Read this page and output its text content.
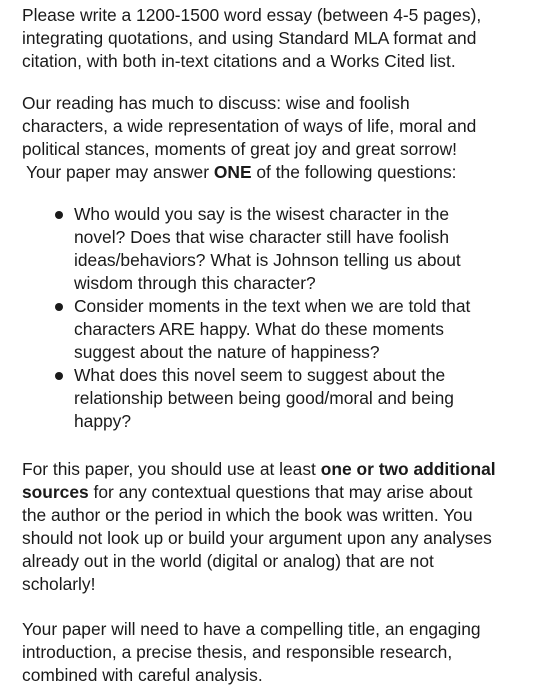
Please write a 1200-1500 word essay (between 4-5 pages),
integrating quotations, and using Standard MLA format and
citation, with both in-text citations and a Works Cited list.
Our reading has much to discuss: wise and foolish
characters, a wide representation of ways of life, moral and
political stances, moments of great joy and great sorrow!
Your paper may answer ONE of the following questions:
Who would you say is the wisest character in the
novel? Does that wise character still have foolish
ideas/behaviors? What is Johnson telling us about
wisdom through this character?
Consider moments in the text when we are told that
characters ARE happy. What do these moments
suggest about the nature of happiness?
What does this novel seem to suggest about the
relationship between being good/moral and being
happy?
For this paper, you should use at least one or two additional
sources for any contextual questions that may arise about
the author or the period in which the book was written. You
should not look up or build your argument upon any analyses
already out in the world (digital or analog) that are not
scholarly!
Your paper will need to have a compelling title, an engaging
introduction, a precise thesis, and responsible research,
combined with careful analysis.
